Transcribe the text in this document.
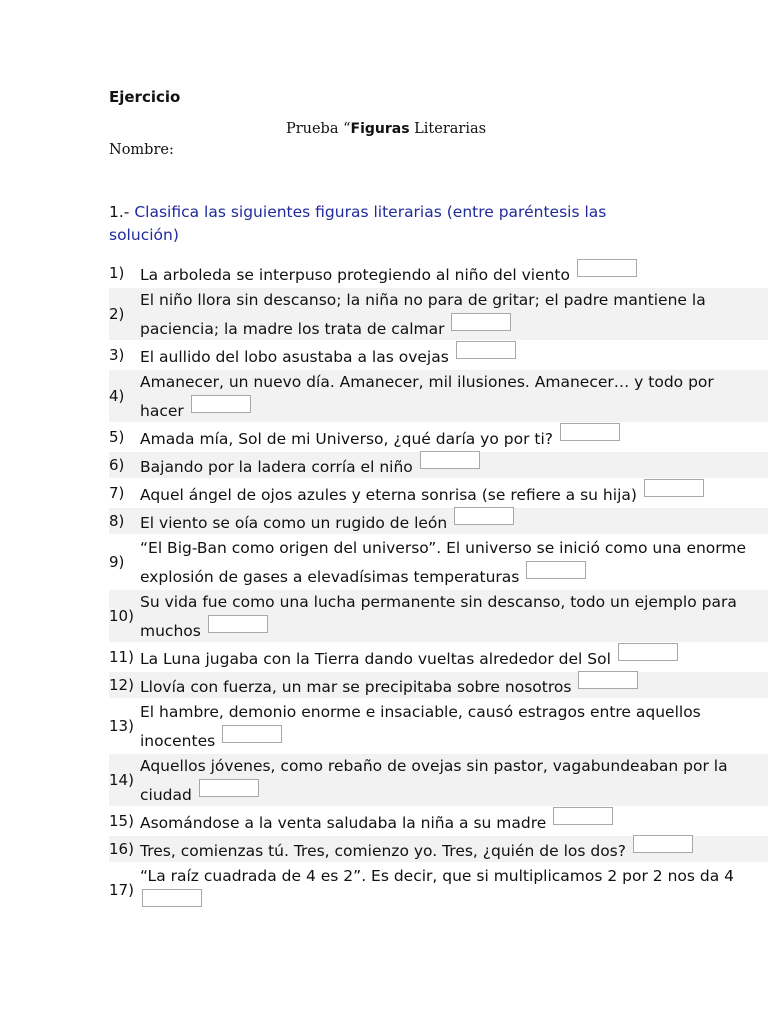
Ejercicio
Prueba “Figuras Literarias
Nombre:
1.- Clasifica las siguientes figuras literarias (entre paréntesis las solución)
1)	La arboleda se interpuso protegiendo al niño del viento
2)
El niño llora sin descanso; la niña no para de gritar; el padre mantiene la paciencia; la madre los trata de calmar
3)	El aullido del lobo asustaba a las ovejas
4)
Amanecer, un nuevo día. Amanecer, mil ilusiones. Amanecer… y todo por hacer
5)	Amada mía, Sol de mi Universo, ¿qué daría yo por ti?
6)	Bajando por la ladera corría el niño
7)	Aquel ángel de ojos azules y eterna sonrisa (se refiere a su hija)
8)	El viento se oía como un rugido de león
9)
“El Big-Ban como origen del universo”. El universo se inició como una enorme explosión de gases a elevadísimas temperaturas
10)
Su vida fue como una lucha permanente sin descanso, todo un ejemplo para muchos
11) La Luna jugaba con la Tierra dando vueltas alrededor del Sol
12) Llovía con fuerza, un mar se precipitaba sobre nosotros
13)
El hambre, demonio enorme e insaciable, causó estragos entre aquellos inocentes
14)
Aquellos jóvenes, como rebaño de ovejas sin pastor, vagabundeaban por la ciudad
15) Asomándose a la venta saludaba la niña a su madre
16) Tres, comienzas tú. Tres, comienzo yo. Tres, ¿quién de los dos?
17)
“La raíz cuadrada de 4 es 2”. Es decir, que si multiplicamos 2 por 2 nos da 4
